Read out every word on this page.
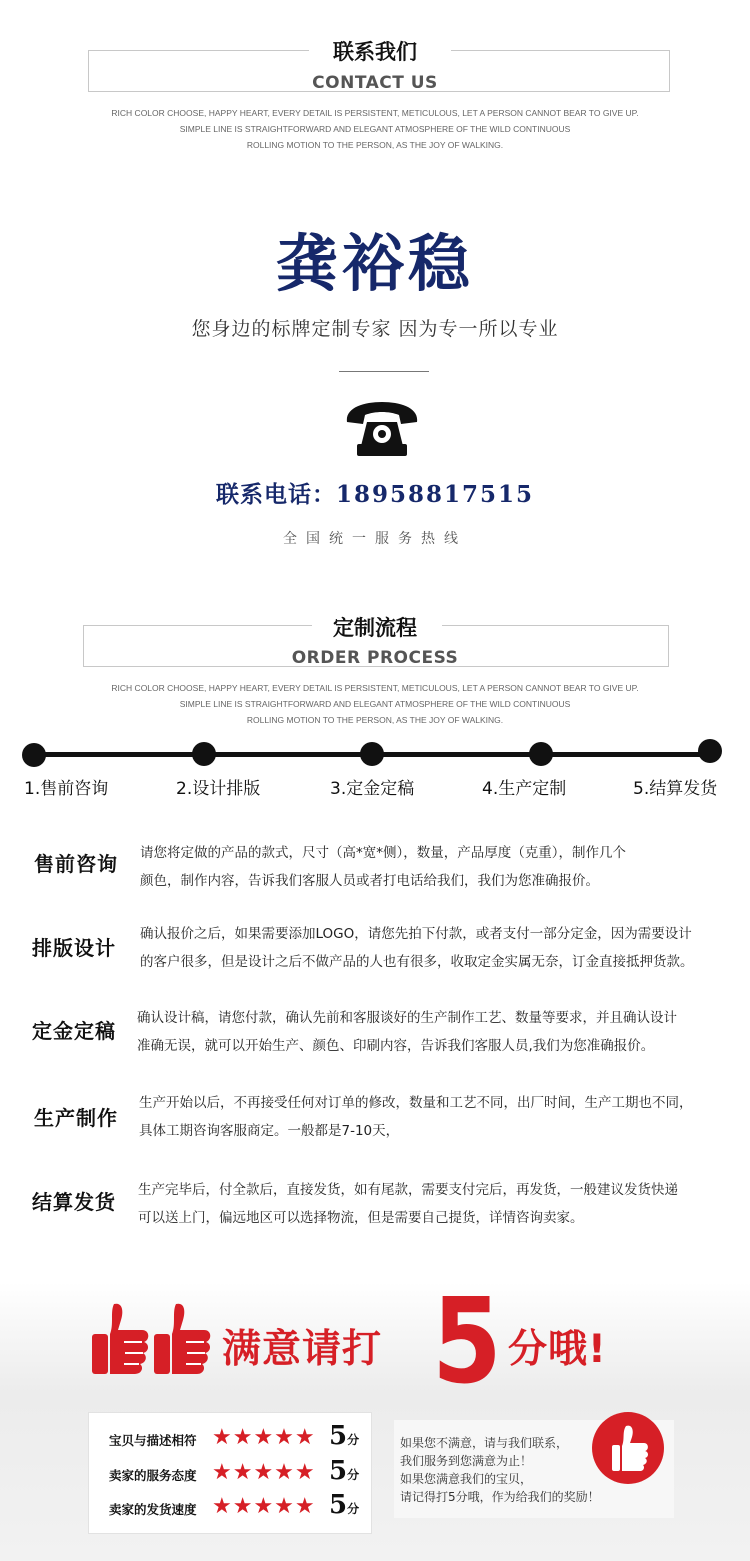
联系我们
CONTACT US
RICH COLOR CHOOSE, HAPPY HEART, EVERY DETAIL IS PERSISTENT, METICULOUS, LET A PERSON CANNOT BEAR TO GIVE UP.
SIMPLE LINE IS STRAIGHTFORWARD AND ELEGANT ATMOSPHERE OF THE WILD CONTINUOUS
ROLLING MOTION TO THE PERSON, AS THE JOY OF WALKING.
龚裕稳
您身边的标牌定制专家 因为专一所以专业
联系电话：18958817515
全国统一服务热线
定制流程
ORDER PROCESS
RICH COLOR CHOOSE, HAPPY HEART, EVERY DETAIL IS PERSISTENT, METICULOUS, LET A PERSON CANNOT BEAR TO GIVE UP.
SIMPLE LINE IS STRAIGHTFORWARD AND ELEGANT ATMOSPHERE OF THE WILD CONTINUOUS
ROLLING MOTION TO THE PERSON, AS THE JOY OF WALKING.
1.售前咨询	2.设计排版	3.定金定稿	4.生产定制	5.结算发货
售前咨询 请您将定做的产品的款式，尺寸（高*宽*侧），数量，产品厚度（克重），制作几个
颜色，制作内容，告诉我们客服人员或者打电话给我们，我们为您准确报价。
排版设计
确认报价之后，如果需要添加LOGO，请您先拍下付款，或者支付一部分定金，因为需要设计
的客户很多，但是设计之后不做产品的人也有很多，收取定金实属无奈，订金直接抵押货款。
定金定稿
确认设计稿，请您付款，确认先前和客服谈好的生产制作工艺、数量等要求，并且确认设计
准确无误，就可以开始生产、颜色、印刷内容，告诉我们客服人员,我们为您准确报价。
生产制作
生产开始以后，不再接受任何对订单的修改，数量和工艺不同，出厂时间，生产工期也不同，
具体工期咨询客服商定。一般都是7-10天，
结算发货 生产完毕后，付全款后，直接发货，如有尾款，需要支付完后，再发货，一般建议发货快递
可以送上门，偏远地区可以选择物流，但是需要自己提货，详情咨询卖家。
满意请打 5 分哦!
宝贝与描述相符 ★★★★★ 5分
卖家的服务态度 ★★★★★ 5分
卖家的发货速度 ★★★★★ 5分

如果您不满意，请与我们联系，

我们服务到您满意为止！

如果您满意我们的宝贝，

请记得打5分哦，作为给我们的奖励！
